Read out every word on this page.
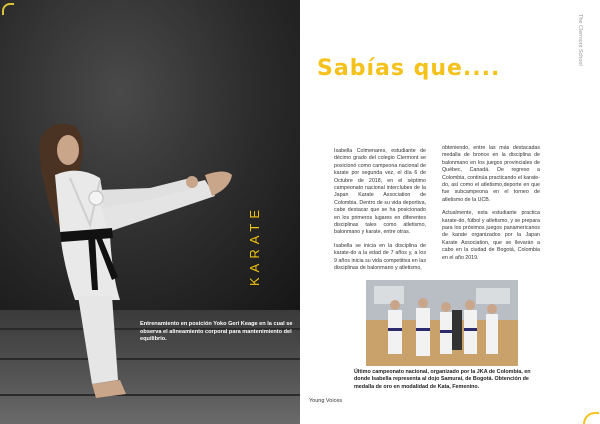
KARATE
Entrenamiento en posición Yoko Geri Keage en la cual se observa el alineamiento corporal para mantenimiento del equilibrio.
The Clermont School
Sabías que....

Isabella Colmenares, estudiante de décimo grado del colegio Clermont se posicionó como campeona nacional de karate por segunda vez, el día 6 de Octubre de 2018, en el séptimo campeonato nacional interclubes de la Japan Karate Association de Colombia. Dentro de su vida deportiva, cabe destacar que se ha posicionado en los primeros lugares en diferentes disciplinas tales como atletismo, balonmano y karate, entre otras.

Isabella se inicia en la disciplina de karate-do a la edad de 7 años y, a los 9 años inicia su vida competitiva en las disciplinas de balonmano y atletismo,

obteniendo, entre las más destacadas medalla de bronce en la disciplina de balonmano en los juegos provinciales de Québec, Canadá. De regreso a Colombia, continúa practicando el karate-do, así como el atletismo,deporte en que fue subcampeona en el torneo de atletismo de la UCB.

Actualmente, esta estudiante practica karate-do, fútbol y atletismo, y se prepara para los próximos juegos panamericanos de karate organizados por la Japan Karate Association, que se llevarán a cabo en la ciudad de Bogotá, Colombia en el año 2019.

Último campeonato nacional, organizado por la JKA de Colombia, en donde Isabella representa al dojo Samurai, de Bogotá. Obtención de medalla de oro en modalidad de Kata, Femenino.
Young Voices
